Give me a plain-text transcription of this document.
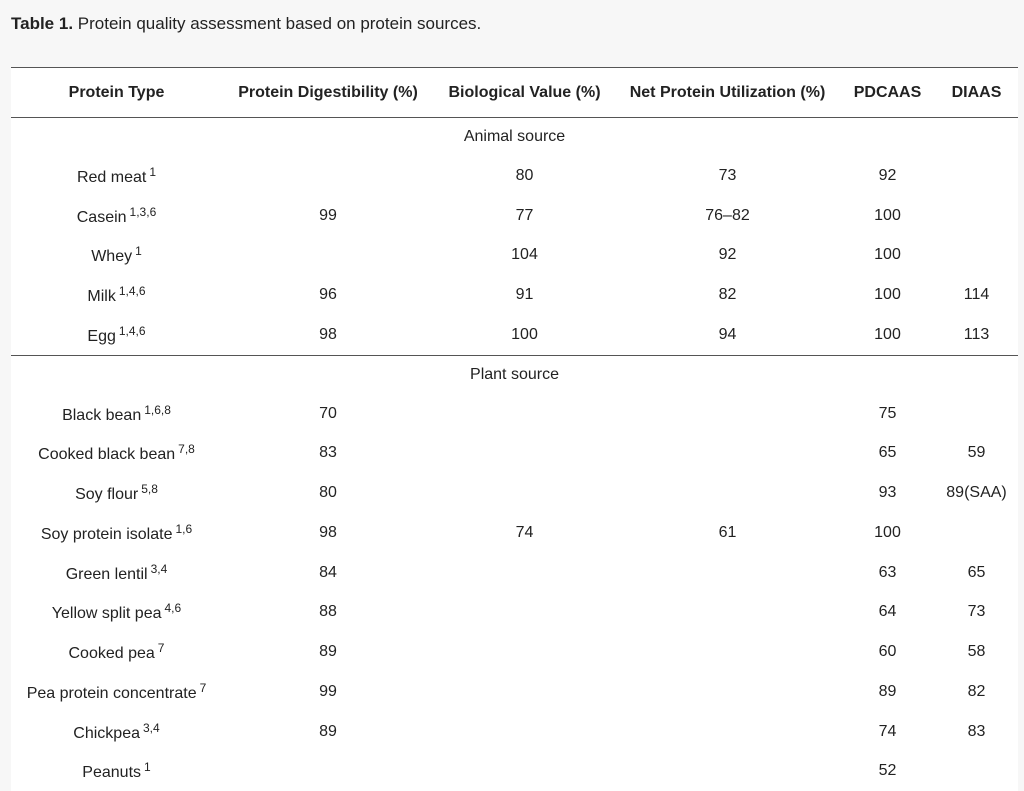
Table 1. Protein quality assessment based on protein sources.
Protein Type	Protein Digestibility (%)	Biological Value (%)	Net Protein Utilization (%)	PDCAAS	DIAAS
Animal source					
Red meat $^1$		80	73	92	
Casein $^{1,3,6}$	99	77	76–82	100	
Whey $^1$		104	92	100	
Milk $^{1,4,6}$	96	91	82	100	114
Egg $^{1,4,6}$	98	100	94	100	113
Plant source					
Black bean $^{1,6,8}$	70			75	
Cooked black bean $^{7,8}$	83			65	59
Soy flour $^{5,8}$	80			93	89(SAA)
Soy protein isolate $^{1,6}$	98	74	61	100	
Green lentil $^{3,4}$	84			63	65
Yellow split pea $^{4,6}$	88			64	73
Cooked pea $^7$	89			60	58
Pea protein concentrate $^7$	99			89	82
Chickpea $^{3,4}$	89			74	83
Peanuts $^1$				52	
